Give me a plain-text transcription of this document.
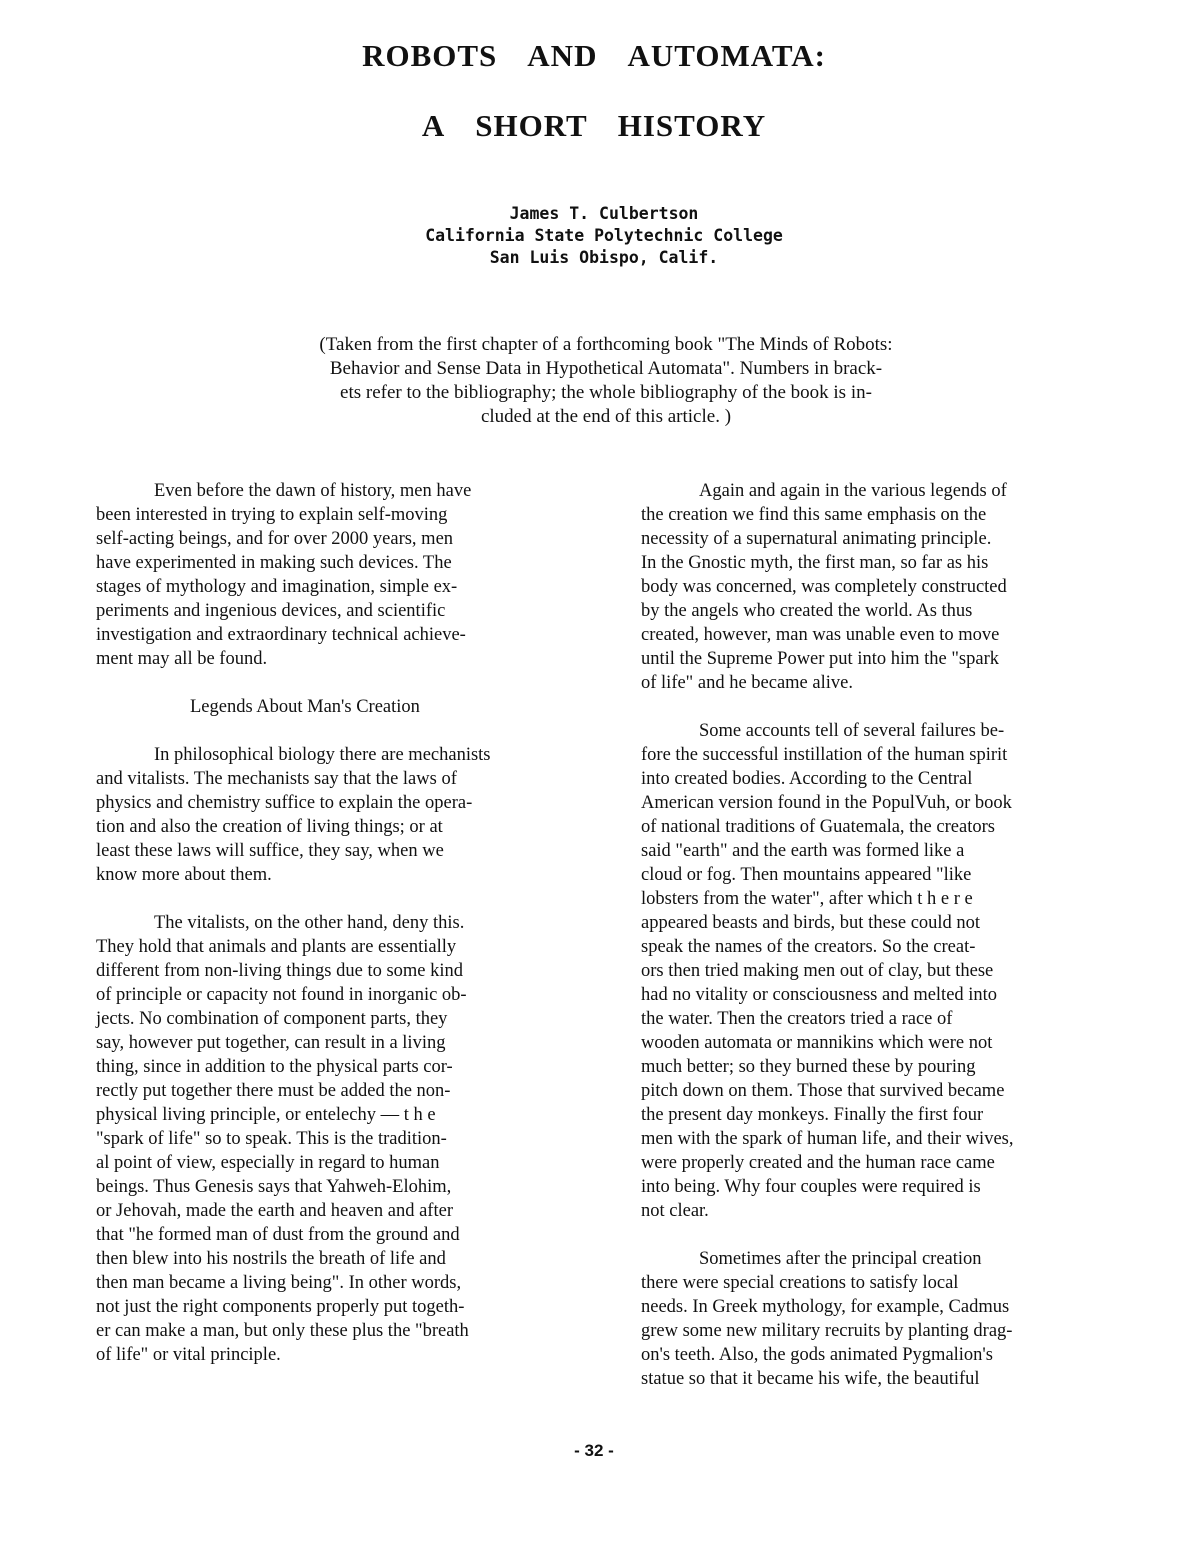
ROBOTS AND AUTOMATA:
A SHORT HISTORY
James T. Culbertson
California State Polytechnic College
San Luis Obispo, Calif.
(Taken from the first chapter of a forthcoming book "The Minds of Robots:
Behavior and Sense Data in Hypothetical Automata". Numbers in brack-
ets refer to the bibliography; the whole bibliography of the book is in-
cluded at the end of this article. )
Even before the dawn of history, men have
been interested in trying to explain self-moving
self-acting beings, and for over 2000 years, men
have experimented in making such devices. The
stages of mythology and imagination, simple ex-
periments and ingenious devices, and scientific
investigation and extraordinary technical achieve-
ment may all be found.
Legends About Man's Creation
In philosophical biology there are mechanists
and vitalists. The mechanists say that the laws of
physics and chemistry suffice to explain the opera-
tion and also the creation of living things; or at
least these laws will suffice, they say, when we
know more about them.
The vitalists, on the other hand, deny this.
They hold that animals and plants are essentially
different from non-living things due to some kind
of principle or capacity not found in inorganic ob-
jects. No combination of component parts, they
say, however put together, can result in a living
thing, since in addition to the physical parts cor-
rectly put together there must be added the non-
physical living principle, or entelechy — t h e
"spark of life" so to speak. This is the tradition-
al point of view, especially in regard to human
beings. Thus Genesis says that Yahweh-Elohim,
or Jehovah, made the earth and heaven and after
that "he formed man of dust from the ground and
then blew into his nostrils the breath of life and
then man became a living being". In other words,
not just the right components properly put togeth-
er can make a man, but only these plus the "breath
of life" or vital principle.
Again and again in the various legends of
the creation we find this same emphasis on the
necessity of a supernatural animating principle.
In the Gnostic myth, the first man, so far as his
body was concerned, was completely constructed
by the angels who created the world. As thus
created, however, man was unable even to move
until the Supreme Power put into him the "spark
of life" and he became alive.
Some accounts tell of several failures be-
fore the successful instillation of the human spirit
into created bodies. According to the Central
American version found in the PopulVuh, or book
of national traditions of Guatemala, the creators
said "earth" and the earth was formed like a
cloud or fog. Then mountains appeared "like
lobsters from the water", after which t h e r e
appeared beasts and birds, but these could not
speak the names of the creators. So the creat-
ors then tried making men out of clay, but these
had no vitality or consciousness and melted into
the water. Then the creators tried a race of
wooden automata or mannikins which were not
much better; so they burned these by pouring
pitch down on them. Those that survived became
the present day monkeys. Finally the first four
men with the spark of human life, and their wives,
were properly created and the human race came
into being. Why four couples were required is
not clear.
Sometimes after the principal creation
there were special creations to satisfy local
needs. In Greek mythology, for example, Cadmus
grew some new military recruits by planting drag-
on's teeth. Also, the gods animated Pygmalion's
statue so that it became his wife, the beautiful
- 32 -
